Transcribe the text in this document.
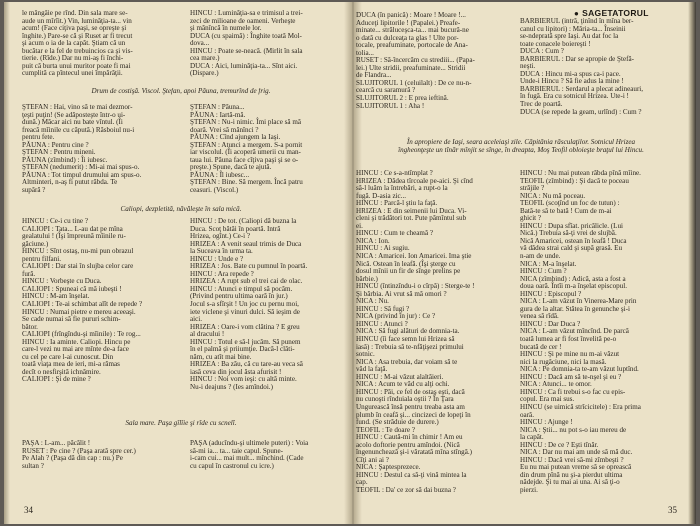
● SAGETATORUL
le mângâie pe rînd. Din sala mare se-
aude un mîrîit.) Vin, luminăţia-ta... vin
acum! (Face ciţiva paşi, se opreşte şi
înghite.) Pare-se că şi Ruset ar fi trecut
şi acum o ia de la capăt. Ştiam că un
bucătar e la fel de trebuincios ca şi vis-
tierie. (Rîde.) Dar nu mi-aş fi închi-
puit că burta unui muritor poate fi mai
cumplită ca pîntecul unei împărăţii.
HINCU : Luminăţia-sa e trimisul a trei-
zeci de milioane de oameni. Verheşte
şi mănîncă în numele lor.
DUCA (cu spaimă) : Înghite toată Mol-
dova...
HINCU : Poate se-neacă. (Mirlit în sala
cea mare.)
DUCA : Aici, luminăţia-ta... Sînt aici.
(Dispare.)
Drum de costişă. Viscol. Ştefan, apoi Păuna, tremurînd de frig.
ŞTEFAN : Hai, vino să te mai dezmor-
ţeşti puţin! (Se adăposteşte într-o ui-
dună.) Măcar aici nu bate vîntul. (Îi
freacă mîinile cu căpută.) Răsboiul nu-i
pentru fete.
PĂUNA : Pentru cine ?
ŞTEFAN : Pentru mineni.
PĂUNA (zîmbind) : Îi iubesc.
ŞTEFAN (nedumerit) : Mi-ai mai spus-o.
PĂUNA : Tot timpul drumului am spus-o.
Altminteri, n-aş fi putut răbda. Te
supără ?
ŞTEFAN : Păuna...
PĂUNA : Iartă-mă.
ŞTEFAN : Nu-i nimic. Îmi place să mă
doară. Vrei să mănînci ?
PĂUNA : Cînd ajungem la Iaşi.
ŞTEFAN : Atunci a mergem. S-a pornit
iar viscolul. (Îi acoperă umerii cu man-
taua lui. Păuna face cîţiva paşi şi se o-
preşte.) Spune, dacă te ajută.
PĂUNA : Îl iubesc...
ŞTEFAN : Bine. Să mergem. Încă patru
ceasuri. (Viscol.)
Caliopi, dezpletită, năvăleşte în sala mică.
HINCU : Ce-i cu tine ?
CALIOPI : Tata... L-au dat pe mîna
gealatului ! (Îşi împreună mîinile ru-
găciune.)
HINCU : Sînt ostaş, nu-mi pun obrazul
pentru filfani.
CALIOPI : Dar stai în slujba celor care
fură.
HINCU : Vorbeşte cu Duca.
CALIOPI : Spuneai că mă iubeşti !
HINCU : M-am înşelat.
CALIOPI : Te-ai schimbat alît de repede ?
HINCU : Numai pietre e mereu aceeaşi.
Se cade numai să fie pururi schim-
bător.
CALIOPI (frîngîndu-şi mîinile) : Te rog...
HINCU : Ia aminte. Caliopi. Hincu pe
care-l vezi nu mai are mînte de-a face
cu cel pe care l-ai cunoscut. Din
toată viaţa mea de ieri, mi-a rămas
decît o nesfirşită ichnămire.
CALIOPI : Şi de mine ?
HINCU : De tot. (Caliopi dă buzna la
Duca. Scoţ bătăi în poartă. Intră
Hrizea, ogînt.) Ce-i ?
HRIZEA : A venit seaul trimis de Duca
la Suceava în urma ta.
HINCU : Unde e ?
HRIZEA : Jos. Bate cu pumnul în poartă.
HINCU : Ara repede ?
HRIZEA : A rupt sub el trei cai de olac.
HINCU : Atunci e timpul să pocăm.
(Privind pentru ultima oară în jur.)
Jocul s-a sfîrşit ! Un joc cu pernu moi,
iete viclene şi vinuri dulci. Să ieşim de
aici.
HRIZEA : Oare-i vom clătina ? E greu
al dracului !
HINCU : Totul e să-l jucăm. Să punem
în el palmă şi priiumţie. Dacă-l clăti-
năm, cu atît mai bine.
HRIZEA : Ba zău, că cu tare-au veca să
iasă ceva din jocul ăsta afurisit !
HINCU : Noi vom ieşi: cu altă minte.
Nu-i deajuns ? (Ies amîndoi.)
Sala mare. Paşa gîlîie şi rîde cu scnelî.
PAŞA : L-am... păcălit !
RUSET : Pe cine ? (Paşa arată spre cer.)
Pe Alah ? (Paşa dă din cap : nu.) Pe
sultan ?
PAŞA (aducîndu-şi ultimele puteri) : Voia
să-mi ia... ta... taie capul. Spune-
i-cam cui... mai mult... mînchind. (Cade
cu capul în castronul cu icre.)
34
DUCA (în panică) : Moare ! Moare !...
Aduceţi lipitorile ! (Papalei.) Preafe-
minate... străluceşca-ta... mai bucură-ne
o dată cu dulceaţa ta glas ! Ulte por-
tocale, preafuminate, portocale de Ana-
tolia...
RUSET : Să-încercăm cu strediii... (Papa-
lei.) Ulte stridii, preafuminate... Stridii
de Flandra...
SLUJITORUL 1 (celuilalt) : De ce nu-n-
cearcă cu saramură ?
SLUJITORUL 2 : E prea ieftină.
SLUJITORUL 1 : Aha !
BARBIERUL (intră, ţinînd în mîna ber-
canul cu lipitori) : Măria-ta... Înseinii
se-ndeprată spre Iaşi. Au dat foc la
toate conacele boiereşti !
DUCA : Cum ?
BARBIERUL : Dar se apropie de Ştefă-
neşti.
DUCA : Hincu mi-a spus ca-i pace.
Unde-i Hincu ? Să fie adus la mine !
BARBIERUL : Serdarul a plecat adineauri,
în fugă. Era cu sotnicul Hrizea. Ute-i !
Trec de poartă.
DUCA (se repede la geam, urlînd) : Cum ?
În apropiere de Iaşi, seara aceleiaşi zile. Căpitănia răsculaţilor. Sotnicul Hrizea
îngheonţeşte un tînăr mînjit se sînge, în dreapta, Moş Teofil obloieşte braţul lui Hincu.
HINCU : Ce s-a-ntîmplat ?
HRIZEA : Dădea tîrcoale pe-aici. Şi cînd
să-l luăm la întrebări, a rupt-o la
fugă. D-asia zic...
HINCU : Parcă-l ştiu la faţă.
HRIZEA : E din seimenii lui Duca. Vi-
cleni şi trădători tot. Pute pămîntul sub
ei.
HINCU : Cum te cheamă ?
NICA : Ion.
HINCU : Ai sugiu.
NICA : Amaricei. Ion Amaricei. Ima ştie
Nică. Ostean în leafă. (Îşi şterge cu
dosul mînii un fir de sînge prelins pe
bărbie.)
HINCU (întinzîndu-i o cîrpă) : Sterge-te !
Şi bărbia. Ai vrut să mă omori ?
NICA : Nu.
HINCU : Să fugi ?
NICA (privind în jur) : Ce ?
HINCU : Atunci ?
NICA : Să fugi alături de domnia-ta.
HINCU (îi face semn lui Hrizea să
iasă) : Trebuia să te-nfăţişezi primului
sotnic.
NICA : Asa trebuia, dar voiam să te
văd la faţă.
HINCU : M-ai văzut alaltăieri.
NICA : Acum te văd cu alţi ochi.
HINCU : Păi, ce fel de ostaş eşti, dacă
nu cunoşti rînduiala oştii ? În Ţara
Ungurească însă pentru treaba asta am
plumb în ceafă şi... cincizeci de lopeţi în
fund. (Se străduie de durere.)
TEOFIL : Te doare ?
HINCU : Caută-mi în chimir ! Am eu
acolo doftorie pentru amîndoi. (Nică
îngenunchează şi-i văratată mîna stîngă.)
Cîţi ani ai ?
NICA : Şaptesprezece.
HINCU : Destul ca să-ţi vină mintea la
cap.
TEOFIL : Da' ce zor să dai buzna ?
HINCU : Nu mai putean răbda pînă mîine.
TEOFIL (zîmbind) : Şi dacă te poceau
străjile ?
NICA : Nu mă poceau.
TEOFIL (scoţînd un foc de tutun) :
Bată-te să te bată ! Cum de m-ai
ghicit ?
HINCU : Dupa sfîat. pricălicle. (Lui
Nică.) Trebuia să-ţi vrei de slujbă.
Nică Amaricei, ostean în leafă ! Duca
vă dădea strai cald şi supă grasă. Eu
n-am de unde.
NICA : M-a înşelat.
HINCU : Cum ?
NICA (zîmbind) : Adică, asta a fost a
doua oară. Întîi m-a înşelat episcopul.
HINCU : Episcopul ?
NICA : L-am văzut în Vinerea-Mare prin
gura de la altar. Stătea în genunche şi-i
venea să rîdă.
HINCU : Dar Duca ?
NICA : L-am văzut mîncînd. De parcă
toată lumea ar fi fost învelită pe-o
bucată de cer !
HINCU : Şi pe mine nu m-ai văzut
nici la rugăciune, nici la masă.
NICA : Pe domnia-ta te-am văzut luptînd.
HINCU : Dacă am să te-nşel şi eu ?
NICA : Atunci... te omor.
HINCU : Ca fi trebui s-o fac cu epis-
copul. Era mai sus.
HINCU (se uimică strîcicitele) : Era prima
oară.
HINCU : Ajunge !
NICA : Ştii... nu pot s-o iau mereu de
la capăt.
HINCU : De ce ? Eşti tînăr.
NICA : Dar nu mai am unde să mă duc.
HINCU : Dacă vrei să-mi zîmbeşti ?
Eu nu mai putean vreme să se oprească
din drum pînă nu şi-a pierdut ultima
nădejde. Şi tu mai ai una. Ai să ţi-o
pierzi.
35
